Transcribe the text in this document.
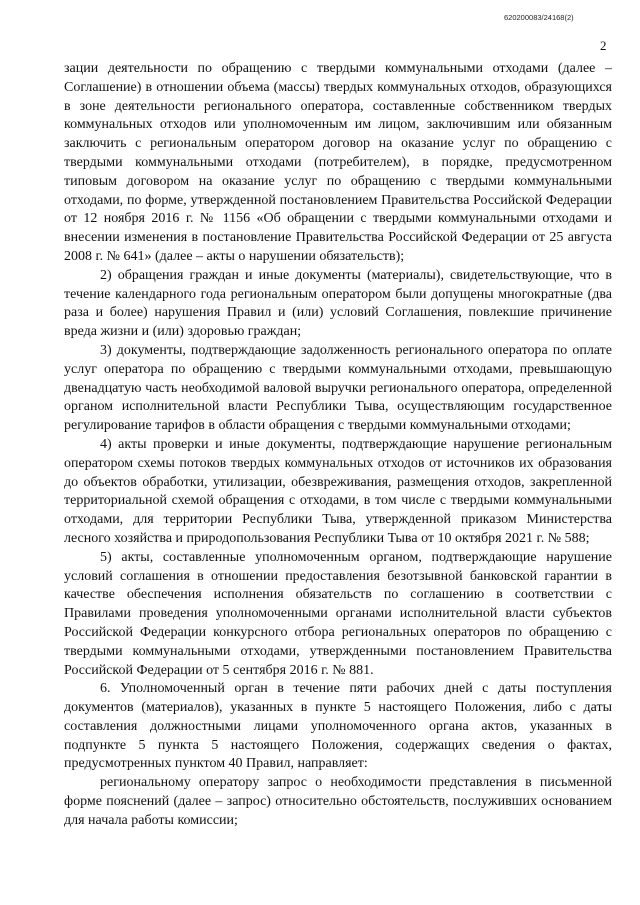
620200083/24168(2)
2

зации деятельности по обращению с твердыми коммунальными отходами (далее – Соглашение) в отношении объема (массы) твердых коммунальных отходов, образующихся в зоне деятельности регионального оператора, составленные собственником твердых коммунальных отходов или уполномоченным им лицом, заключившим или обязанным заключить с региональным оператором договор на оказание услуг по обращению с твердыми коммунальными отходами (потребителем), в порядке, предусмотренном типовым договором на оказание услуг по обращению с твердыми коммунальными отходами, по форме, утвержденной постановлением Правительства Российской Федерации от 12 ноября 2016 г. № 1156 «Об обращении с твердыми коммунальными отходами и внесении изменения в постановление Правительства Российской Федерации от 25 августа 2008 г. № 641» (далее – акты о нарушении обязательств);

2) обращения граждан и иные документы (материалы), свидетельствующие, что в течение календарного года региональным оператором были допущены многократные (два раза и более) нарушения Правил и (или) условий Соглашения, повлекшие причинение вреда жизни и (или) здоровью граждан;

3) документы, подтверждающие задолженность регионального оператора по оплате услуг оператора по обращению с твердыми коммунальными отходами, превышающую двенадцатую часть необходимой валовой выручки регионального оператора, определенной органом исполнительной власти Республики Тыва, осуществляющим государственное регулирование тарифов в области обращения с твердыми коммунальными отходами;

4) акты проверки и иные документы, подтверждающие нарушение региональным оператором схемы потоков твердых коммунальных отходов от источников их образования до объектов обработки, утилизации, обезвреживания, размещения отходов, закрепленной территориальной схемой обращения с отходами, в том числе с твердыми коммунальными отходами, для территории Республики Тыва, утвержденной приказом Министерства лесного хозяйства и природопользования Республики Тыва от 10 октября 2021 г. № 588;

5) акты, составленные уполномоченным органом, подтверждающие нарушение условий соглашения в отношении предоставления безотзывной банковской гарантии в качестве обеспечения исполнения обязательств по соглашению в соответствии с Правилами проведения уполномоченными органами исполнительной власти субъектов Российской Федерации конкурсного отбора региональных операторов по обращению с твердыми коммунальными отходами, утвержденными постановлением Правительства Российской Федерации от 5 сентября 2016 г. № 881.

6. Уполномоченный орган в течение пяти рабочих дней с даты поступления документов (материалов), указанных в пункте 5 настоящего Положения, либо с даты составления должностными лицами уполномоченного органа актов, указанных в подпункте 5 пункта 5 настоящего Положения, содержащих сведения о фактах, предусмотренных пунктом 40 Правил, направляет:

региональному оператору запрос о необходимости представления в письменной форме пояснений (далее – запрос) относительно обстоятельств, послуживших основанием для начала работы комиссии;
